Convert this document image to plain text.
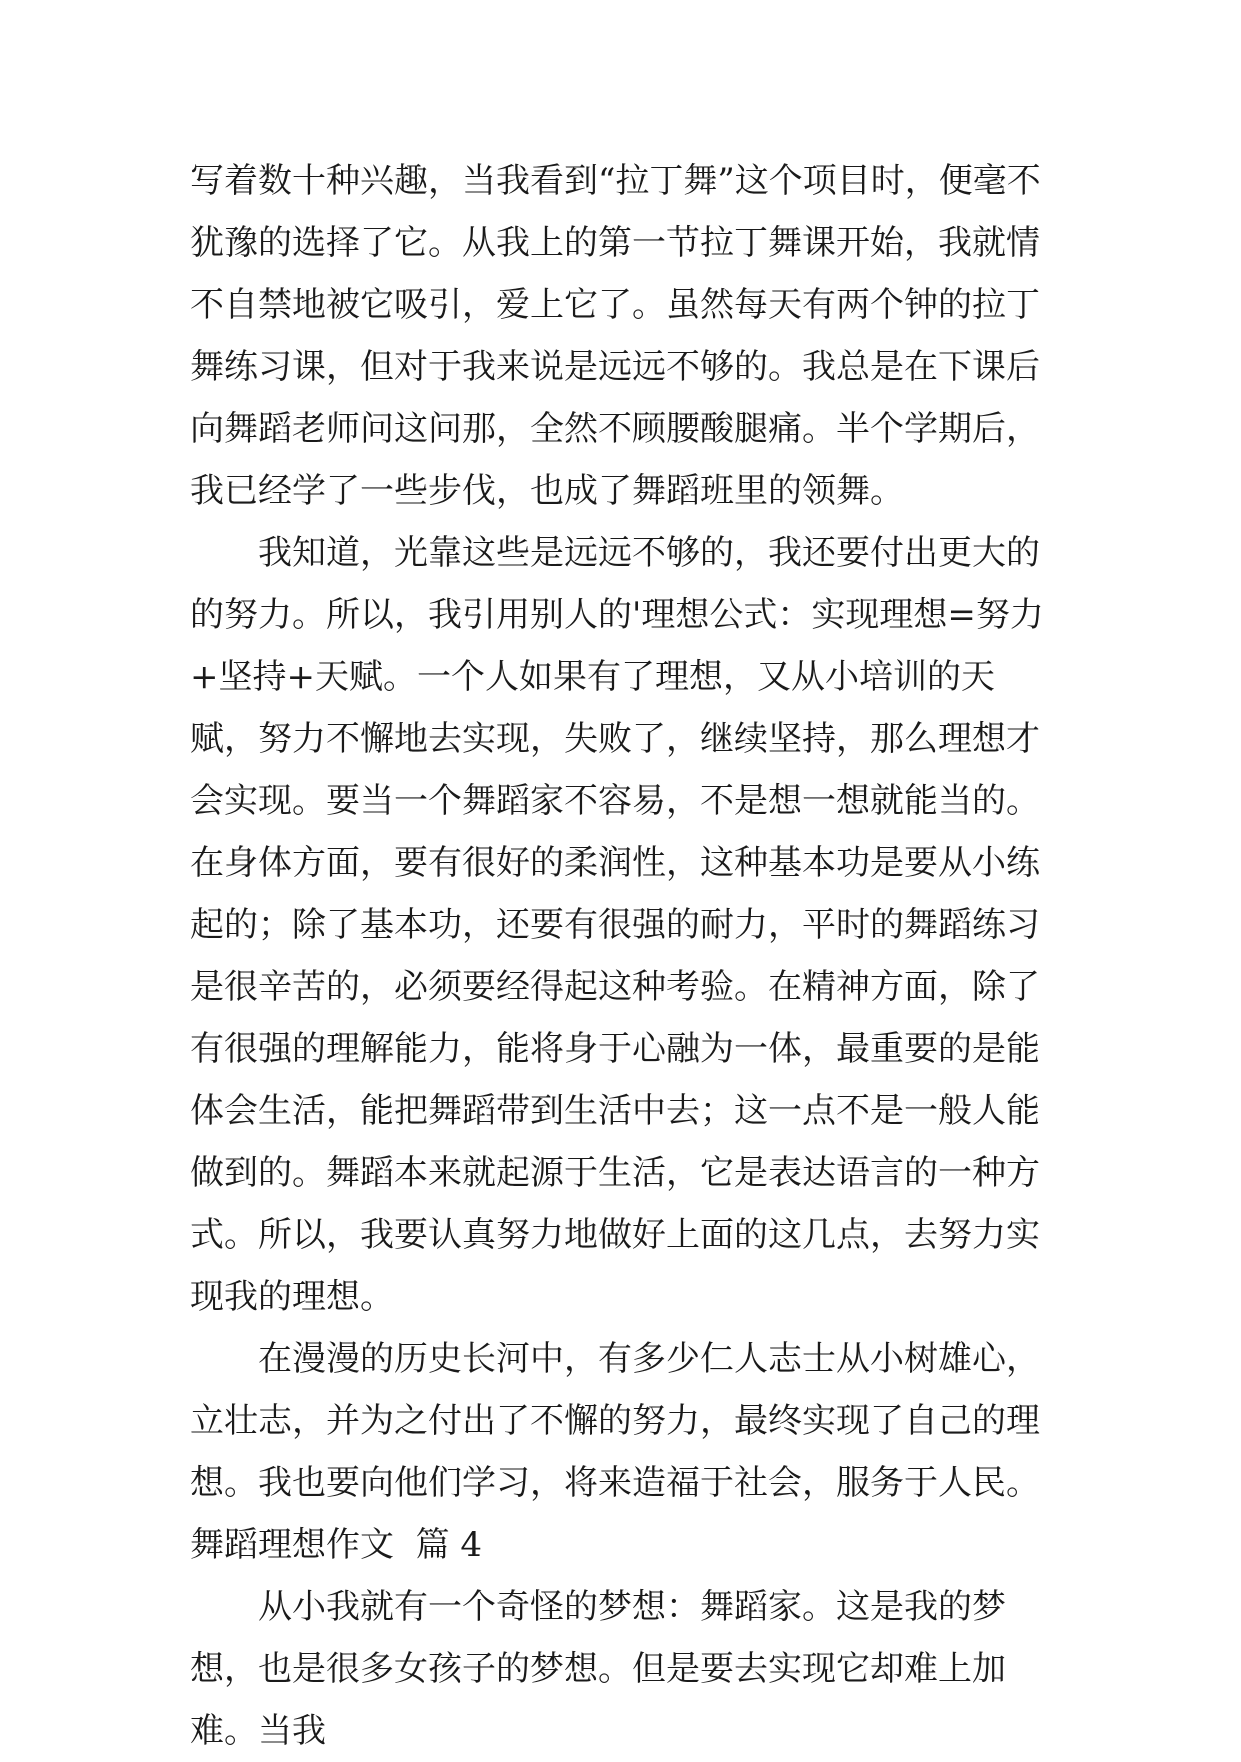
写着数十种兴趣，当我看到“拉丁舞”这个项目时，便毫不犹豫的选择了它。从我上的第一节拉丁舞课开始，我就情不自禁地被它吸引，爱上它了。虽然每天有两个钟的拉丁舞练习课，但对于我来说是远远不够的。我总是在下课后向舞蹈老师问这问那，全然不顾腰酸腿痛。半个学期后，我已经学了一些步伐，也成了舞蹈班里的领舞。

我知道，光靠这些是远远不够的，我还要付出更大的的努力。所以，我引用别人的'理想公式：实现理想=努力+坚持+天赋。一个人如果有了理想，又从小培训的天赋，努力不懈地去实现，失败了，继续坚持，那么理想才会实现。要当一个舞蹈家不容易，不是想一想就能当的。在身体方面，要有很好的柔润性，这种基本功是要从小练起的；除了基本功，还要有很强的耐力，平时的舞蹈练习是很辛苦的，必须要经得起这种考验。在精神方面，除了有很强的理解能力，能将身于心融为一体，最重要的是能体会生活，能把舞蹈带到生活中去；这一点不是一般人能做到的。舞蹈本来就起源于生活，它是表达语言的一种方式。所以，我要认真努力地做好上面的这几点，去努力实现我的理想。

在漫漫的历史长河中，有多少仁人志士从小树雄心，立壮志，并为之付出了不懈的努力，最终实现了自己的理想。我也要向他们学习，将来造福于社会，服务于人民。

舞蹈理想作文  篇 4

从小我就有一个奇怪的梦想：舞蹈家。这是我的梦想，也是很多女孩子的梦想。但是要去实现它却难上加难。当我
